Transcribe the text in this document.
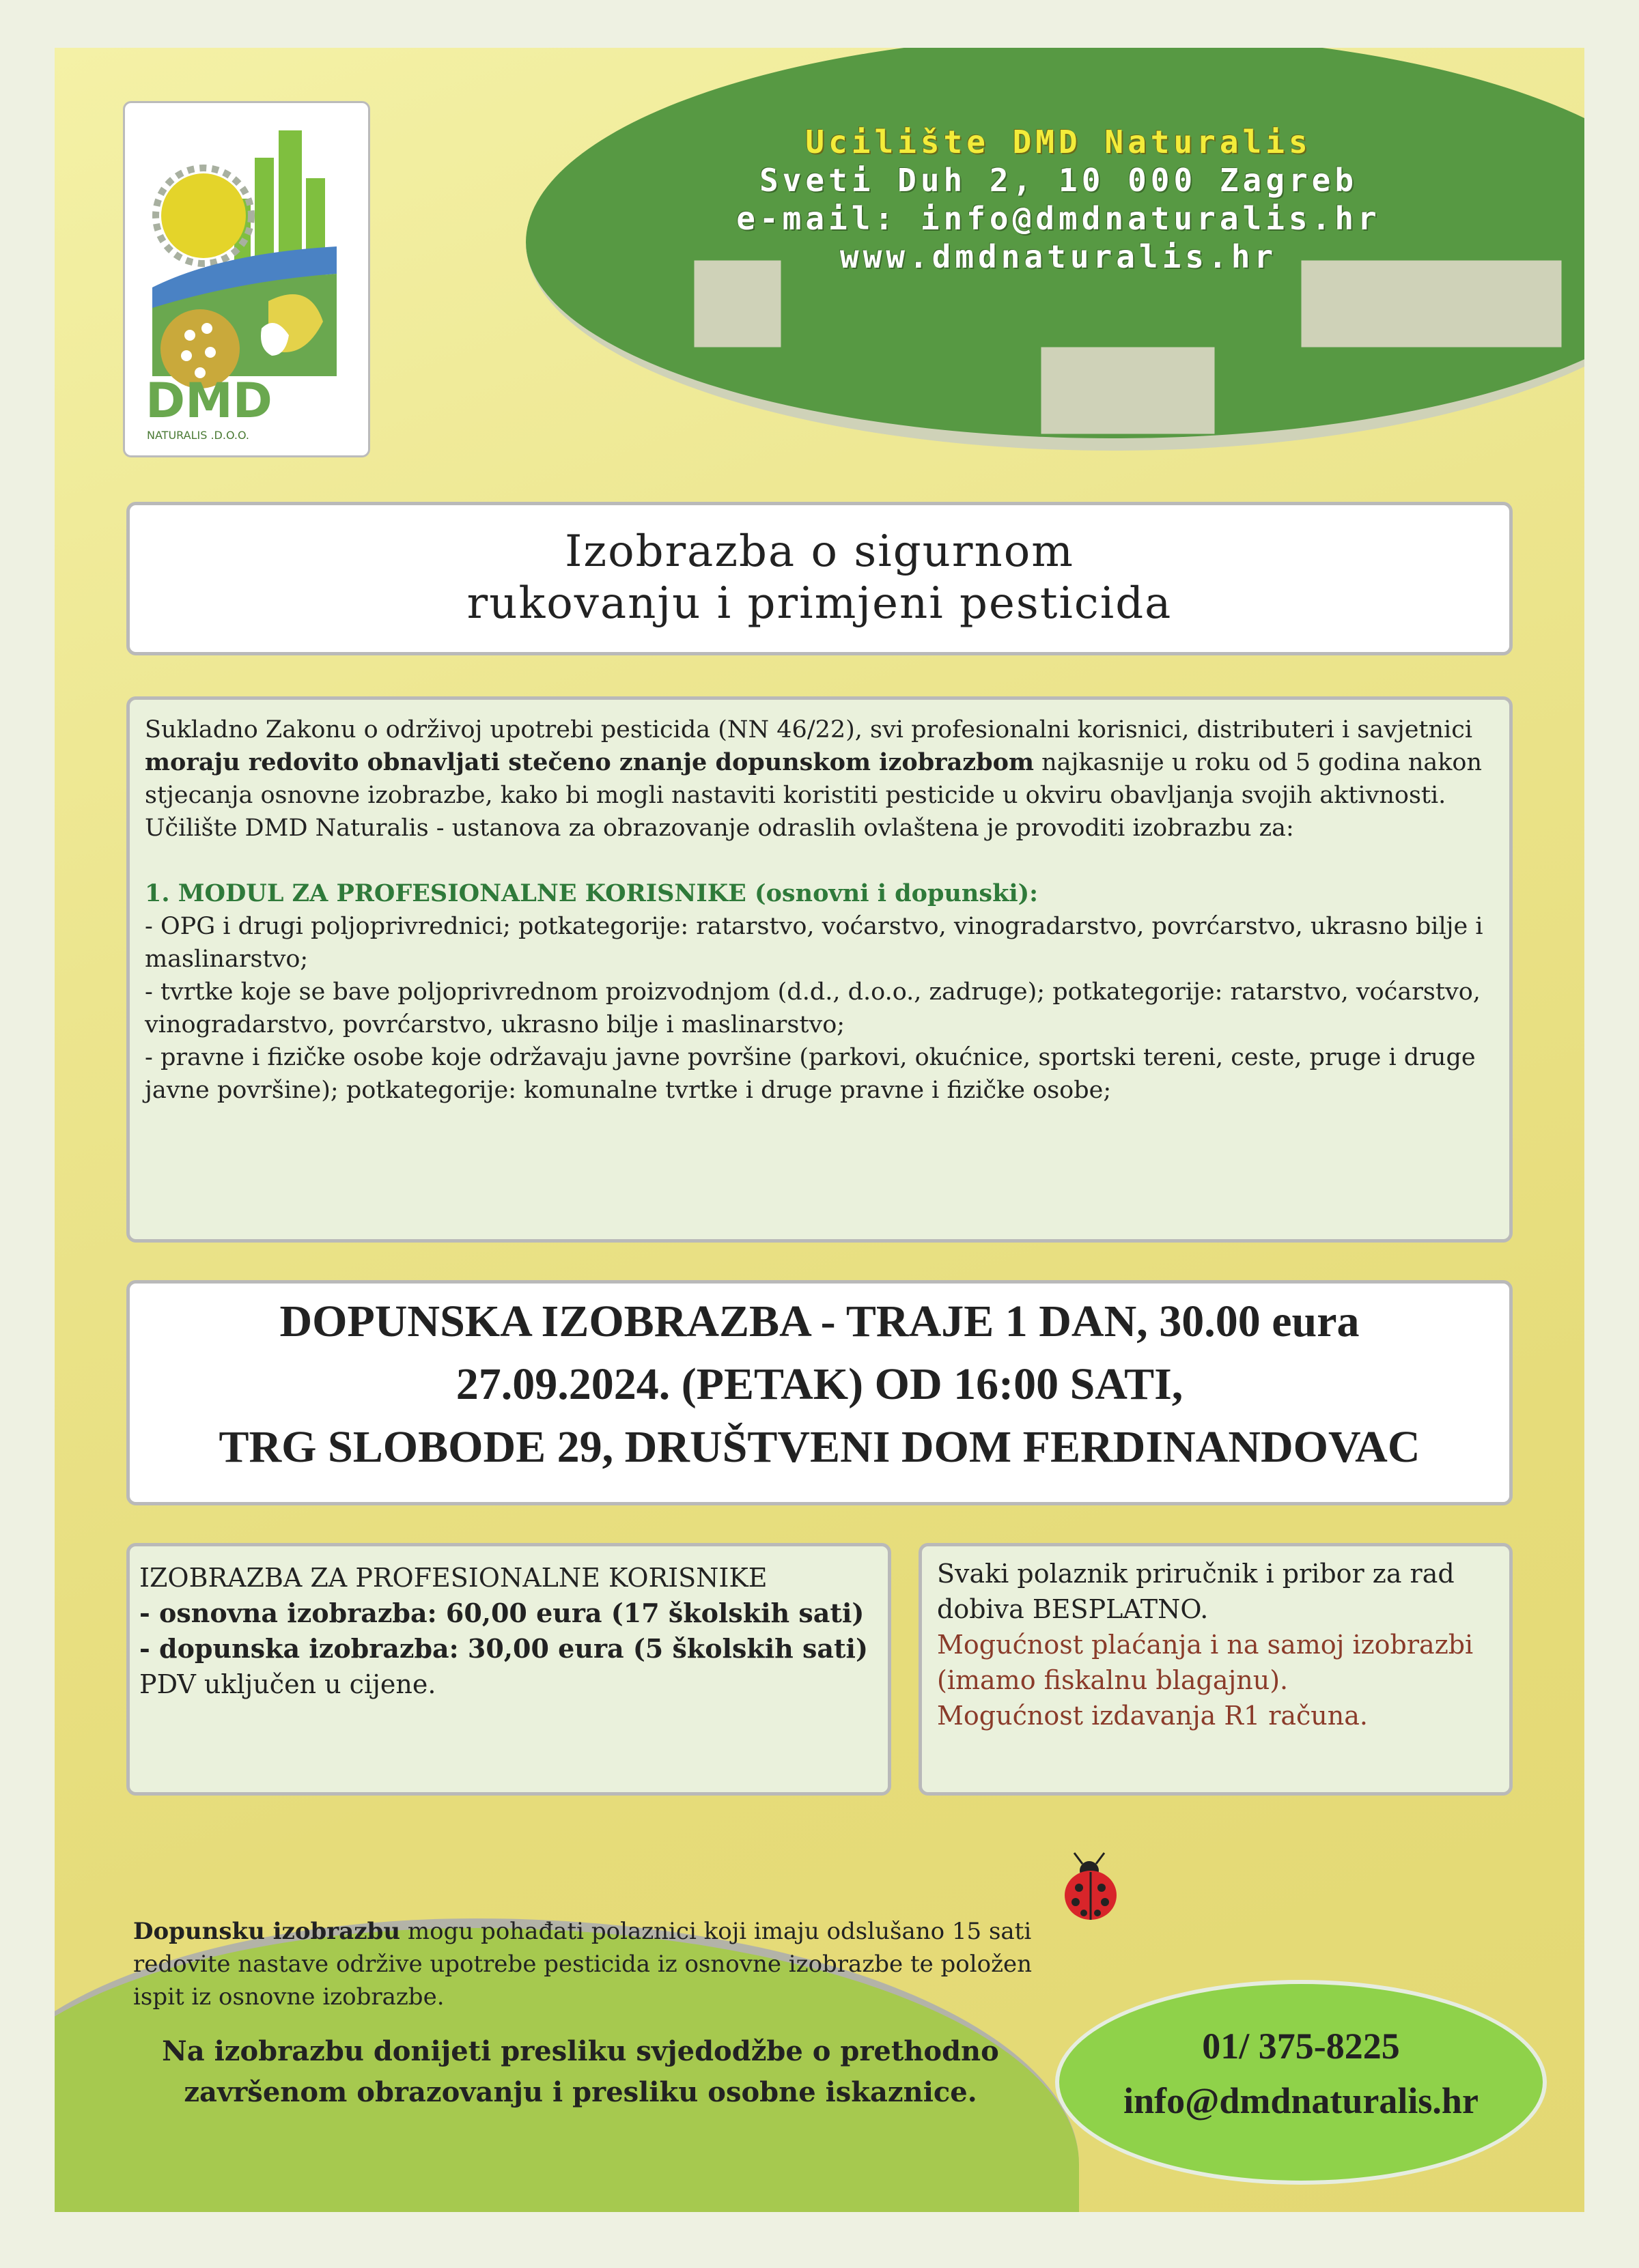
Ucilište DMD Naturalis
Sveti Duh 2, 10 000 Zagreb
e-mail: info@dmdnaturalis.hr
www.dmdnaturalis.hr
DMD
NATURALIS .D.O.O.
Izobrazba o sigurnom
rukovanju i primjeni pesticida

Sukladno Zakonu o održivoj upotrebi pesticida (NN 46/22), svi profesionalni korisnici, distributeri i savjetnici moraju redovito obnavljati stečeno znanje dopunskom izobrazbom najkasnije u roku od 5 godina nakon stjecanja osnovne izobrazbe, kako bi mogli nastaviti koristiti pesticide u okviru obavljanja svojih aktivnosti.

Učilište DMD Naturalis - ustanova za obrazovanje odraslih ovlaštena je provoditi izobrazbu za:

1. MODUL ZA PROFESIONALNE KORISNIKE (osnovni i dopunski):

- OPG i drugi poljoprivrednici; potkategorije: ratarstvo, voćarstvo, vinogradarstvo, povrćarstvo, ukrasno bilje i maslinarstvo;

- tvrtke koje se bave poljoprivrednom proizvodnjom (d.d., d.o.o., zadruge); potkategorije: ratarstvo, voćarstvo, vinogradarstvo, povrćarstvo, ukrasno bilje i maslinarstvo;

- pravne i fizičke osobe koje održavaju javne površine (parkovi, okućnice, sportski tereni, ceste, pruge i druge javne površine); potkategorije: komunalne tvrtke i druge pravne i fizičke osobe;

DOPUNSKA IZOBRAZBA - TRAJE 1 DAN, 30.00 eura
27.09.2024. (PETAK) OD 16:00 SATI,
TRG SLOBODE 29, DRUŠTVENI DOM FERDINANDOVAC
IZOBRAZBA ZA PROFESIONALNE KORISNIKE
- osnovna izobrazba: 60,00 eura (17 školskih sati)
- dopunska izobrazba: 30,00 eura (5 školskih sati)
PDV uključen u cijene.
Svaki polaznik priručnik i pribor za rad dobiva BESPLATNO.
Mogućnost plaćanja i na samoj izobrazbi (imamo fiskalnu blagajnu).
Mogućnost izdavanja R1 računa.
Dopunsku izobrazbu mogu pohađati polaznici koji imaju odslušano 15 sati redovite nastave održive upotrebe pesticida iz osnovne izobrazbe te položen ispit iz osnovne izobrazbe.
Na izobrazbu donijeti presliku svjedodžbe o prethodno završenom obrazovanju i presliku osobne iskaznice.
01/ 375-8225
info@dmdnaturalis.hr
